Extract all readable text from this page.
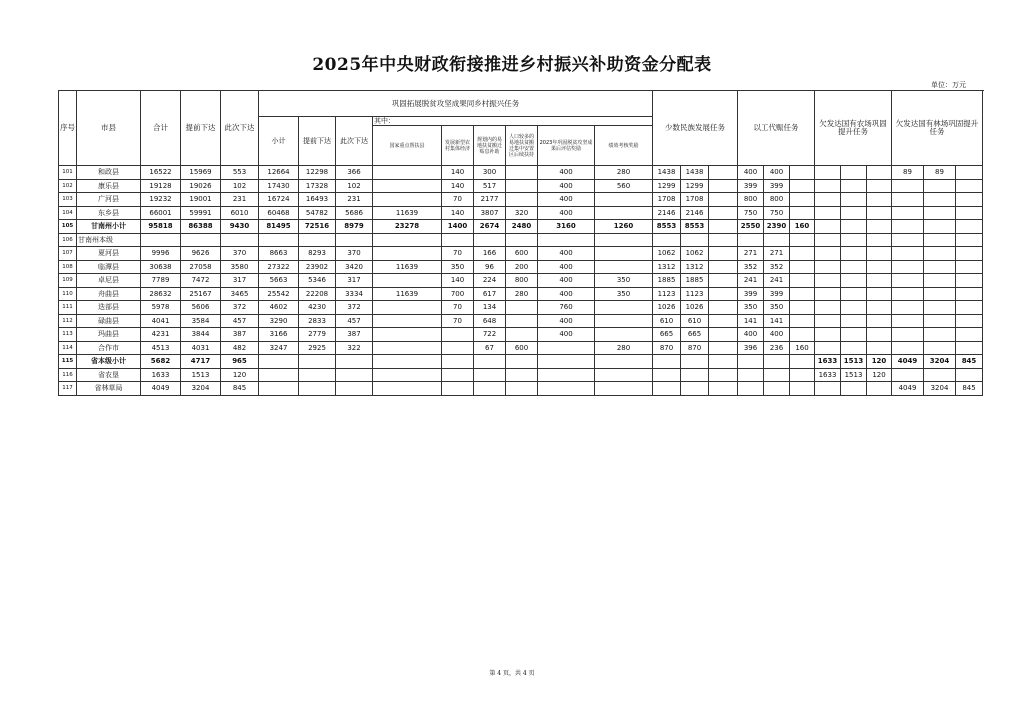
2025年中央财政衔接推进乡村振兴补助资金分配表
单位：万元
序号	市县	合计	提前下达	此次下达	巩固拓展脱贫攻坚成果同乡村振兴任务									少数民族发展任务			以工代赈任务			欠发达国有农场巩固提升任务			欠发达国有林场巩固提升任务	
					小计	提前下达	此次下达	其中：																		
								国家重点帮扶县	发展新型农村集体经济	规划内的易地扶贫搬迁贴息补助	人口较多的易地扶贫搬迁集中安置区后续扶持	2023年巩固脱贫攻坚成果后评估奖励	绩效考核奖励													
101	和政县	16522	15969	553	12664	12298	366		140	300		400	280	1438	1438		400	400					89	89				
102	康乐县	19128	19026	102	17430	17328	102		140	517		400	560	1299	1299		399	399										
103	广河县	19232	19001	231	16724	16493	231		70	2177		400		1708	1708		800	800										
104	东乡县	66001	59991	6010	60468	54782	5686	11639	140	3807	320	400		2146	2146		750	750										
105	甘南州小计	95818	86388	9430	81495	72516	8979	23278	1400	2674	2480	3160	1260	8553	8553		2550	2390	160									
106	甘南州本级																											
107	夏河县	9996	9626	370	8663	8293	370		70	166	600	400		1062	1062		271	271										
108	临潭县	30638	27058	3580	27322	23902	3420	11639	350	96	200	400		1312	1312		352	352										
109	卓尼县	7789	7472	317	5663	5346	317		140	224	800	400	350	1885	1885		241	241										
110	舟曲县	28632	25167	3465	25542	22208	3334	11639	700	617	280	400	350	1123	1123		399	399										
111	迭部县	5978	5606	372	4602	4230	372		70	134		760		1026	1026		350	350										
112	碌曲县	4041	3584	457	3290	2833	457		70	648		400		610	610		141	141										
113	玛曲县	4231	3844	387	3166	2779	387			722		400		665	665		400	400										
114	合作市	4513	4031	482	3247	2925	322			67	600		280	870	870		396	236	160									
115	省本级小计	5682	4717	965																1633	1513	120	4049	3204	845			
116	省农垦	1633	1513	120																1633	1513	120						
117	省林草局	4049	3204	845																			4049	3204	845			
第 4 页，共 4 页
